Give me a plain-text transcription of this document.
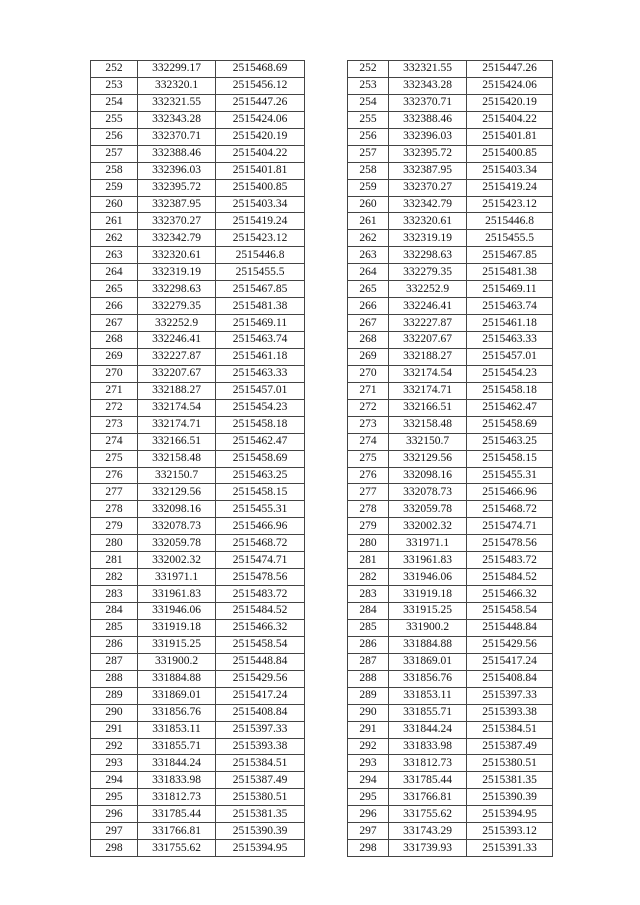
252	332299.17	2515468.69
253	332320.1	2515456.12
254	332321.55	2515447.26
255	332343.28	2515424.06
256	332370.71	2515420.19
257	332388.46	2515404.22
258	332396.03	2515401.81
259	332395.72	2515400.85
260	332387.95	2515403.34
261	332370.27	2515419.24
262	332342.79	2515423.12
263	332320.61	2515446.8
264	332319.19	2515455.5
265	332298.63	2515467.85
266	332279.35	2515481.38
267	332252.9	2515469.11
268	332246.41	2515463.74
269	332227.87	2515461.18
270	332207.67	2515463.33
271	332188.27	2515457.01
272	332174.54	2515454.23
273	332174.71	2515458.18
274	332166.51	2515462.47
275	332158.48	2515458.69
276	332150.7	2515463.25
277	332129.56	2515458.15
278	332098.16	2515455.31
279	332078.73	2515466.96
280	332059.78	2515468.72
281	332002.32	2515474.71
282	331971.1	2515478.56
283	331961.83	2515483.72
284	331946.06	2515484.52
285	331919.18	2515466.32
286	331915.25	2515458.54
287	331900.2	2515448.84
288	331884.88	2515429.56
289	331869.01	2515417.24
290	331856.76	2515408.84
291	331853.11	2515397.33
292	331855.71	2515393.38
293	331844.24	2515384.51
294	331833.98	2515387.49
295	331812.73	2515380.51
296	331785.44	2515381.35
297	331766.81	2515390.39
298	331755.62	2515394.95
252	332321.55	2515447.26
253	332343.28	2515424.06
254	332370.71	2515420.19
255	332388.46	2515404.22
256	332396.03	2515401.81
257	332395.72	2515400.85
258	332387.95	2515403.34
259	332370.27	2515419.24
260	332342.79	2515423.12
261	332320.61	2515446.8
262	332319.19	2515455.5
263	332298.63	2515467.85
264	332279.35	2515481.38
265	332252.9	2515469.11
266	332246.41	2515463.74
267	332227.87	2515461.18
268	332207.67	2515463.33
269	332188.27	2515457.01
270	332174.54	2515454.23
271	332174.71	2515458.18
272	332166.51	2515462.47
273	332158.48	2515458.69
274	332150.7	2515463.25
275	332129.56	2515458.15
276	332098.16	2515455.31
277	332078.73	2515466.96
278	332059.78	2515468.72
279	332002.32	2515474.71
280	331971.1	2515478.56
281	331961.83	2515483.72
282	331946.06	2515484.52
283	331919.18	2515466.32
284	331915.25	2515458.54
285	331900.2	2515448.84
286	331884.88	2515429.56
287	331869.01	2515417.24
288	331856.76	2515408.84
289	331853.11	2515397.33
290	331855.71	2515393.38
291	331844.24	2515384.51
292	331833.98	2515387.49
293	331812.73	2515380.51
294	331785.44	2515381.35
295	331766.81	2515390.39
296	331755.62	2515394.95
297	331743.29	2515393.12
298	331739.93	2515391.33
